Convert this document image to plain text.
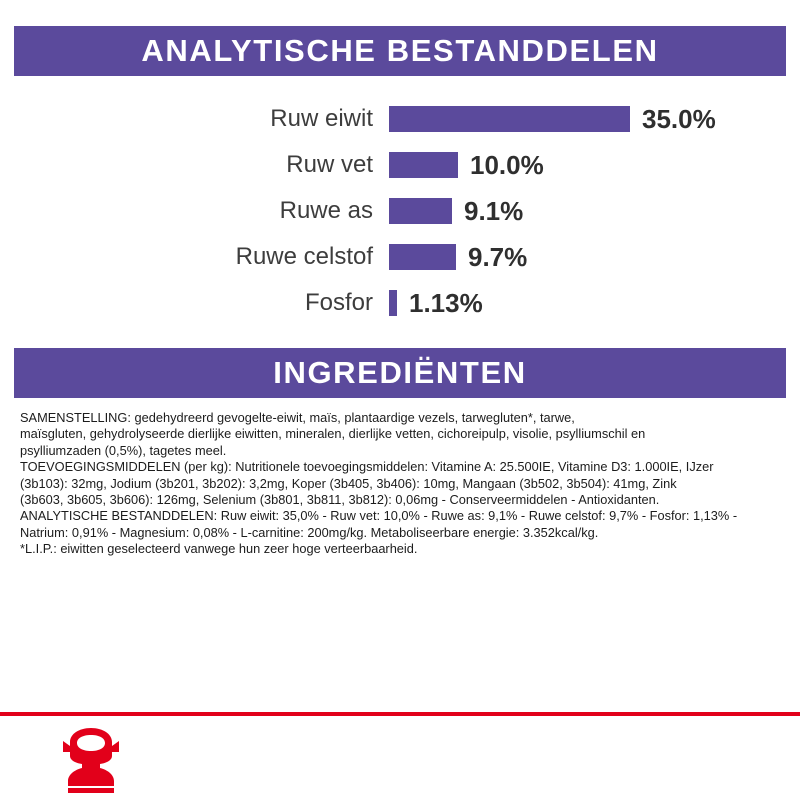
ANALYTISCHE BESTANDDELEN
Ruw eiwit	35.0%
Ruw vet	10.0%
Ruwe as	9.1%
Ruwe celstof	9.7%
Fosfor	1.13%
INGREDIËNTEN

SAMENSTELLING: gedehydreerd gevogelte-eiwit, maïs, plantaardige vezels, tarwegluten*, tarwe,

maïsgluten, gehydrolyseerde dierlijke eiwitten, mineralen, dierlijke vetten, cichoreipulp, visolie, psylliumschil en

psylliumzaden (0,5%), tagetes meel.

TOEVOEGINGSMIDDELEN (per kg): Nutritionele toevoegingsmiddelen: Vitamine A: 25.500IE, Vitamine D3: 1.000IE, IJzer

(3b103): 32mg, Jodium (3b201, 3b202): 3,2mg, Koper (3b405, 3b406): 10mg, Mangaan (3b502, 3b504): 41mg, Zink

(3b603, 3b605, 3b606): 126mg, Selenium (3b801, 3b811, 3b812): 0,06mg - Conserveermiddelen - Antioxidanten.

ANALYTISCHE BESTANDDELEN: Ruw eiwit: 35,0% - Ruw vet: 10,0% - Ruwe as: 9,1% - Ruwe celstof: 9,7% - Fosfor: 1,13% -

Natrium: 0,91% - Magnesium: 0,08% - L-carnitine: 200mg/kg. Metaboliseerbare energie: 3.352kcal/kg.

*L.I.P.: eiwitten geselecteerd vanwege hun zeer hoge verteerbaarheid.
